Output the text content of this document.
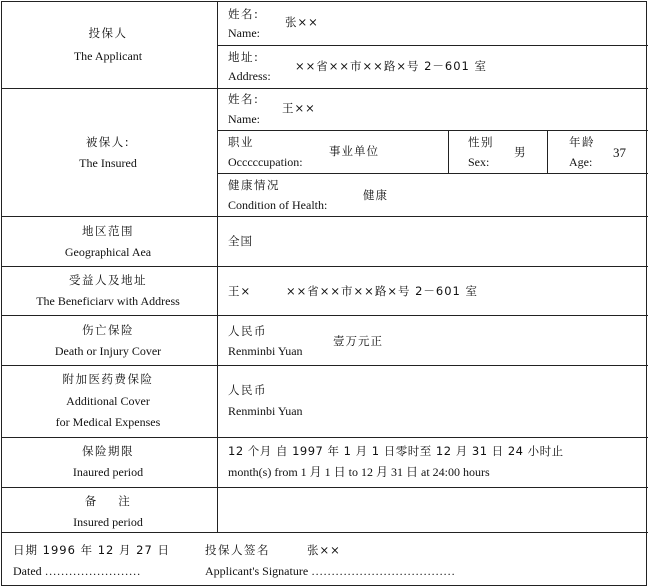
投保人
The Applicant
姓名:
Name:
张××
地址:
Address:
××省××市××路×号 2－601 室
被保人:
The Insured
姓名:
Name:
王××
职业
Occcccupation:
事业单位
性别
Sex:
男
年龄
Age:
37
健康情况
Condition of Health:
健康
地区范围
Geographical Aea
全国
受益人及地址
The Beneficiarv with Address
王×	××省××市××路×号 2－601 室
伤亡保险
Death or Injury Cover
人民币
Renminbi Yuan
壹万元正
附加医药费保险
Additional Cover
for Medical Expenses
人民币
Renminbi Yuan
保险期限
Inaured period
12 个月 自 1997 年 1 月 1 日零时至 12 月 31 日 24 小时止
month(s) from 1 月 1 日 to 12 月 31 日 at 24:00 hours
备    注
Insured period
日期 1996 年 12 月 27 日
Dated ……………………
投保人签名	张××
Applicant's Signature ………………………………
